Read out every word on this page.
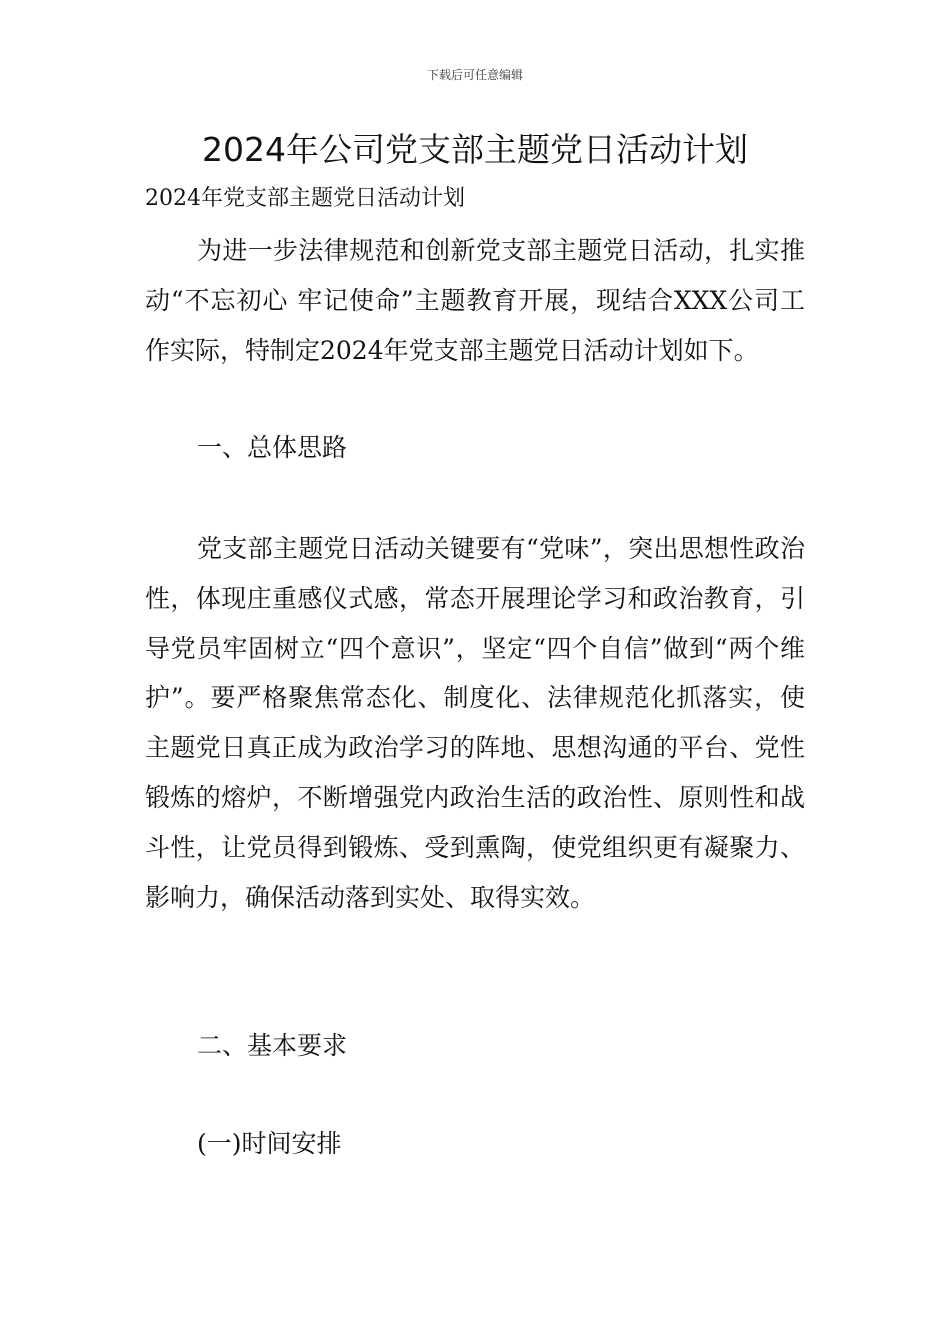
下载后可任意编辑
2024年公司党支部主题党日活动计划
2024年党支部主题党日活动计划

为进一步法律规范和创新党支部主题党日活动，扎实推动“不忘初心 牢记使命”主题教育开展，现结合XXX公司工作实际，特制定2024年党支部主题党日活动计划如下。

一、总体思路

党支部主题党日活动关键要有“党味”，突出思想性政治性，体现庄重感仪式感，常态开展理论学习和政治教育，引导党员牢固树立“四个意识”，坚定“四个自信”做到“两个维护”。要严格聚焦常态化、制度化、法律规范化抓落实，使主题党日真正成为政治学习的阵地、思想沟通的平台、党性锻炼的熔炉，不断增强党内政治生活的政治性、原则性和战斗性，让党员得到锻炼、受到熏陶，使党组织更有凝聚力、影响力，确保活动落到实处、取得实效。

二、基本要求

(一)时间安排
